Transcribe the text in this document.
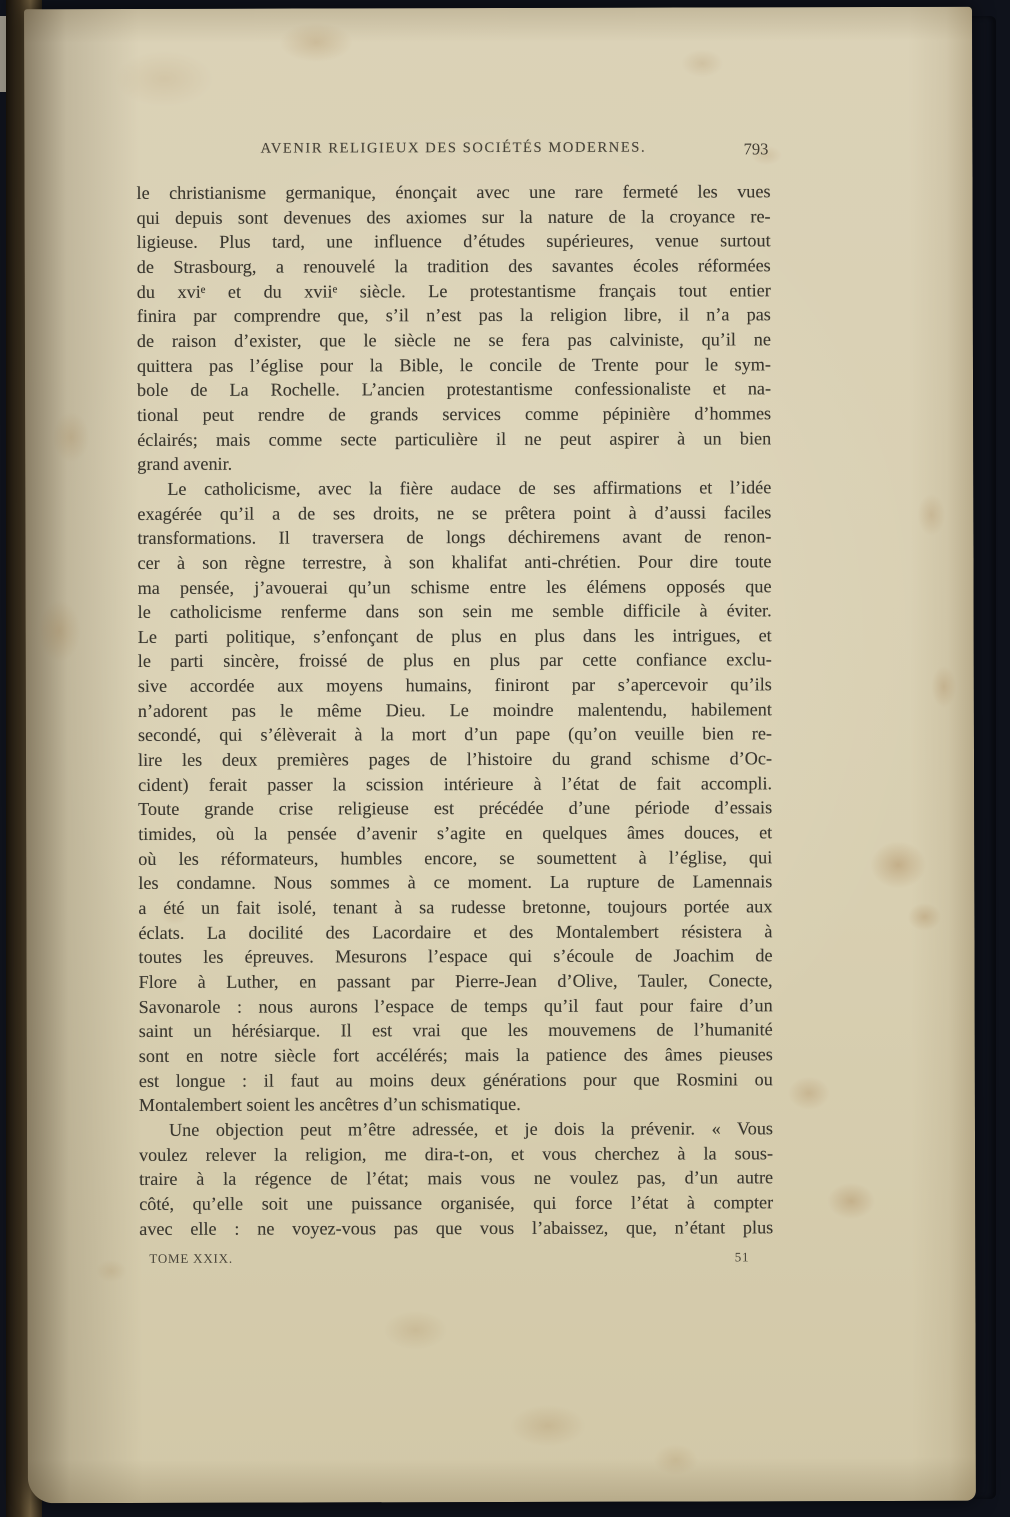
AVENIR RELIGIEUX DES SOCIÉTÉS MODERNES.	793
le christianisme germanique, énonçait avec une rare fermeté les vues
qui depuis sont devenues des axiomes sur la nature de la croyance re-
ligieuse. Plus tard, une influence d’études supérieures, venue surtout
de Strasbourg, a renouvelé la tradition des savantes écoles réformées
du xviᵉ et du xviiᵉ siècle. Le protestantisme français tout entier
finira par comprendre que, s’il n’est pas la religion libre, il n’a pas
de raison d’exister, que le siècle ne se fera pas calviniste, qu’il ne
quittera pas l’église pour la Bible, le concile de Trente pour le sym-
bole de La Rochelle. L’ancien protestantisme confessionaliste et na-
tional peut rendre de grands services comme pépinière d’hommes
éclairés; mais comme secte particulière il ne peut aspirer à un bien
grand avenir.
Le catholicisme, avec la fière audace de ses affirmations et l’idée
exagérée qu’il a de ses droits, ne se prêtera point à d’aussi faciles
transformations. Il traversera de longs déchiremens avant de renon-
cer à son règne terrestre, à son khalifat anti-chrétien. Pour dire toute
ma pensée, j’avouerai qu’un schisme entre les élémens opposés que
le catholicisme renferme dans son sein me semble difficile à éviter.
Le parti politique, s’enfonçant de plus en plus dans les intrigues, et
le parti sincère, froissé de plus en plus par cette confiance exclu-
sive accordée aux moyens humains, finiront par s’apercevoir qu’ils
n’adorent pas le même Dieu. Le moindre malentendu, habilement
secondé, qui s’élèverait à la mort d’un pape (qu’on veuille bien re-
lire les deux premières pages de l’histoire du grand schisme d’Oc-
cident) ferait passer la scission intérieure à l’état de fait accompli.
Toute grande crise religieuse est précédée d’une période d’essais
timides, où la pensée d’avenir s’agite en quelques âmes douces, et
où les réformateurs, humbles encore, se soumettent à l’église, qui
les condamne. Nous sommes à ce moment. La rupture de Lamennais
a été un fait isolé, tenant à sa rudesse bretonne, toujours portée aux
éclats. La docilité des Lacordaire et des Montalembert résistera à
toutes les épreuves. Mesurons l’espace qui s’écoule de Joachim de
Flore à Luther, en passant par Pierre-Jean d’Olive, Tauler, Conecte,
Savonarole : nous aurons l’espace de temps qu’il faut pour faire d’un
saint un hérésiarque. Il est vrai que les mouvemens de l’humanité
sont en notre siècle fort accélérés; mais la patience des âmes pieuses
est longue : il faut au moins deux générations pour que Rosmini ou
Montalembert soient les ancêtres d’un schismatique.
Une objection peut m’être adressée, et je dois la prévenir. « Vous
voulez relever la religion, me dira-t-on, et vous cherchez à la sous-
traire à la régence de l’état; mais vous ne voulez pas, d’un autre
côté, qu’elle soit une puissance organisée, qui force l’état à compter
avec elle : ne voyez-vous pas que vous l’abaissez, que, n’étant plus
TOME XXIX.	51
